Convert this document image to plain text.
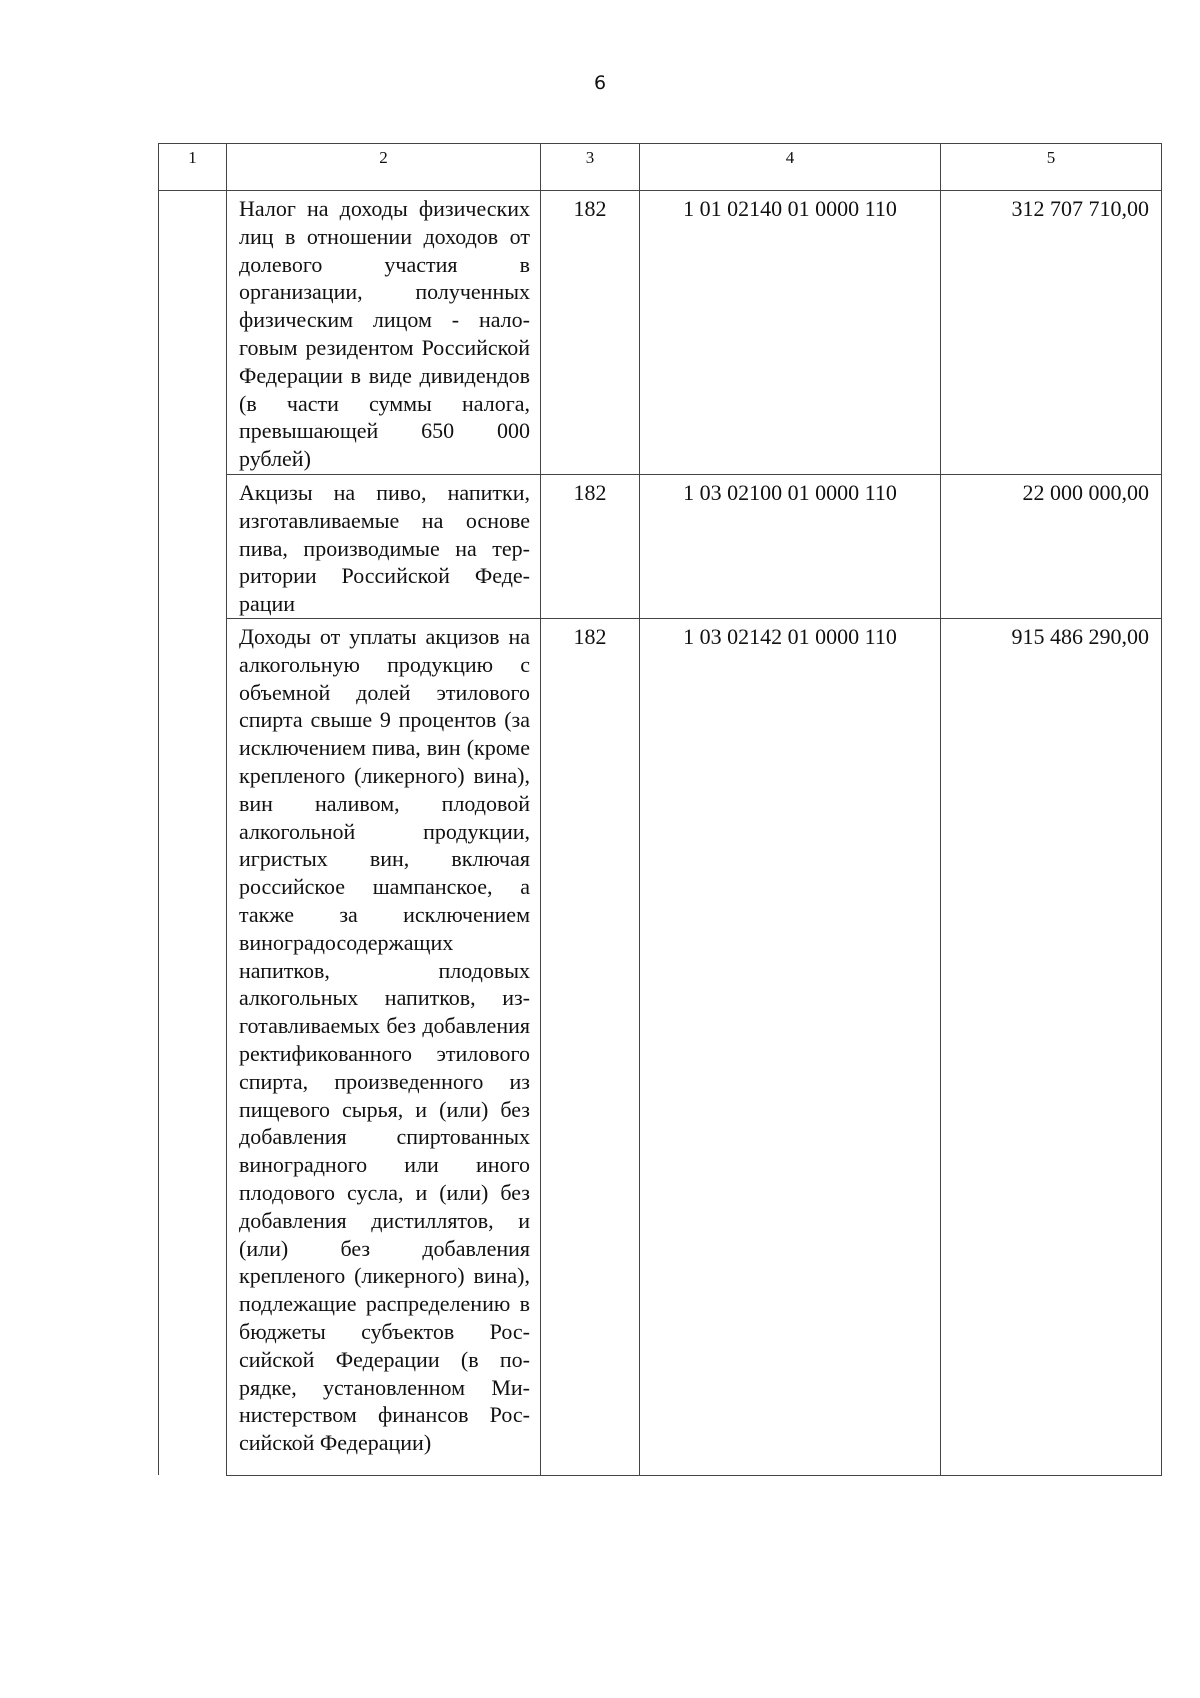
6
1	2	3	4	5
	Налог на доходы физических лиц в отношении доходов от долевого участия в организации, полученных физическим лицом - налоговым резидентом Российской Федерации в виде дивидендов (в части суммы налога, превышающей 650 000 рублей)	182	1 01 02140 01 0000 110	312 707 710,00
	Акцизы на пиво, напитки, изготавливаемые на основе пива, производимые на территории Российской Федерации	182	1 03 02100 01 0000 110	22 000 000,00
	Доходы от уплаты акцизов на алкогольную продукцию с объемной долей этилового спирта свыше 9 процентов (за исключением пива, вин (кроме крепленого (ликерного) вина), вин наливом, плодовой алкогольной продукции, игристых вин, включая российское шампанское, а также за исключением виноградосодержащих напитков, плодовых алкогольных напитков, изготавливаемых без добавления ректификованного этилового спирта, произведенного из пищевого сырья, и (или) без добавления спиртованных виноградного или иного плодового сусла, и (или) без добавления дистиллятов, и (или) без добавления крепленого (ликерного) вина), подлежащие распределению в бюджеты субъектов Российской Федерации (в порядке, установленном Министерством финансов Российской Федерации)	182	1 03 02142 01 0000 110	915 486 290,00
